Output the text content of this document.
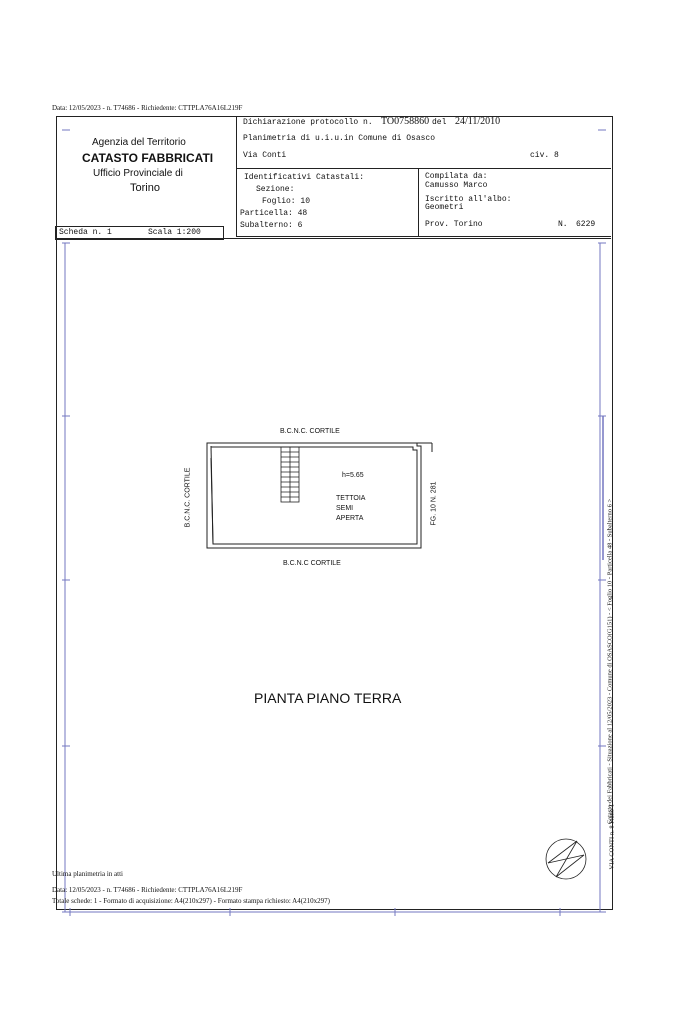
Data: 12/05/2023 - n. T74686 - Richiedente: CTTPLA76A16L219F
Agenzia del Territorio
CATASTO FABBRICATI
Ufficio Provinciale di
Torino
Dichiarazione protocollo n. TO0758860 del 24/11/2010
Planimetria di u.i.u.in Comune di Osasco
Via Conti	civ. 8
Identificativi Catastali:
Sezione:
Foglio: 10
Particella: 48
Subalterno: 6
Compilata da:
Camusso Marco
Iscritto all'albo:
Geometri
Prov. Torino	N. 6229
Scheda n. 1	Scala 1:200
B.C.N.C. CORTILE
B.C.N.C CORTILE
B.C.N.C. CORTILE	FG. 10 N. 281
h=5.65
TETTOIA
SEMI
APERTA
PIANTA PIANO TERRA	Catasto dei Fabbricati - Situazione al 12/05/2023 - Comune di OSASCO(G151) - < Foglio 10 - Particella 48 - Subalterno 6 >
VIA CONTI n. 8 Piano T
Ultima planimetria in atti
Data: 12/05/2023 - n. T74686 - Richiedente: CTTPLA76A16L219F
Totale schede: 1 - Formato di acquisizione: A4(210x297) - Formato stampa richiesto: A4(210x297)
